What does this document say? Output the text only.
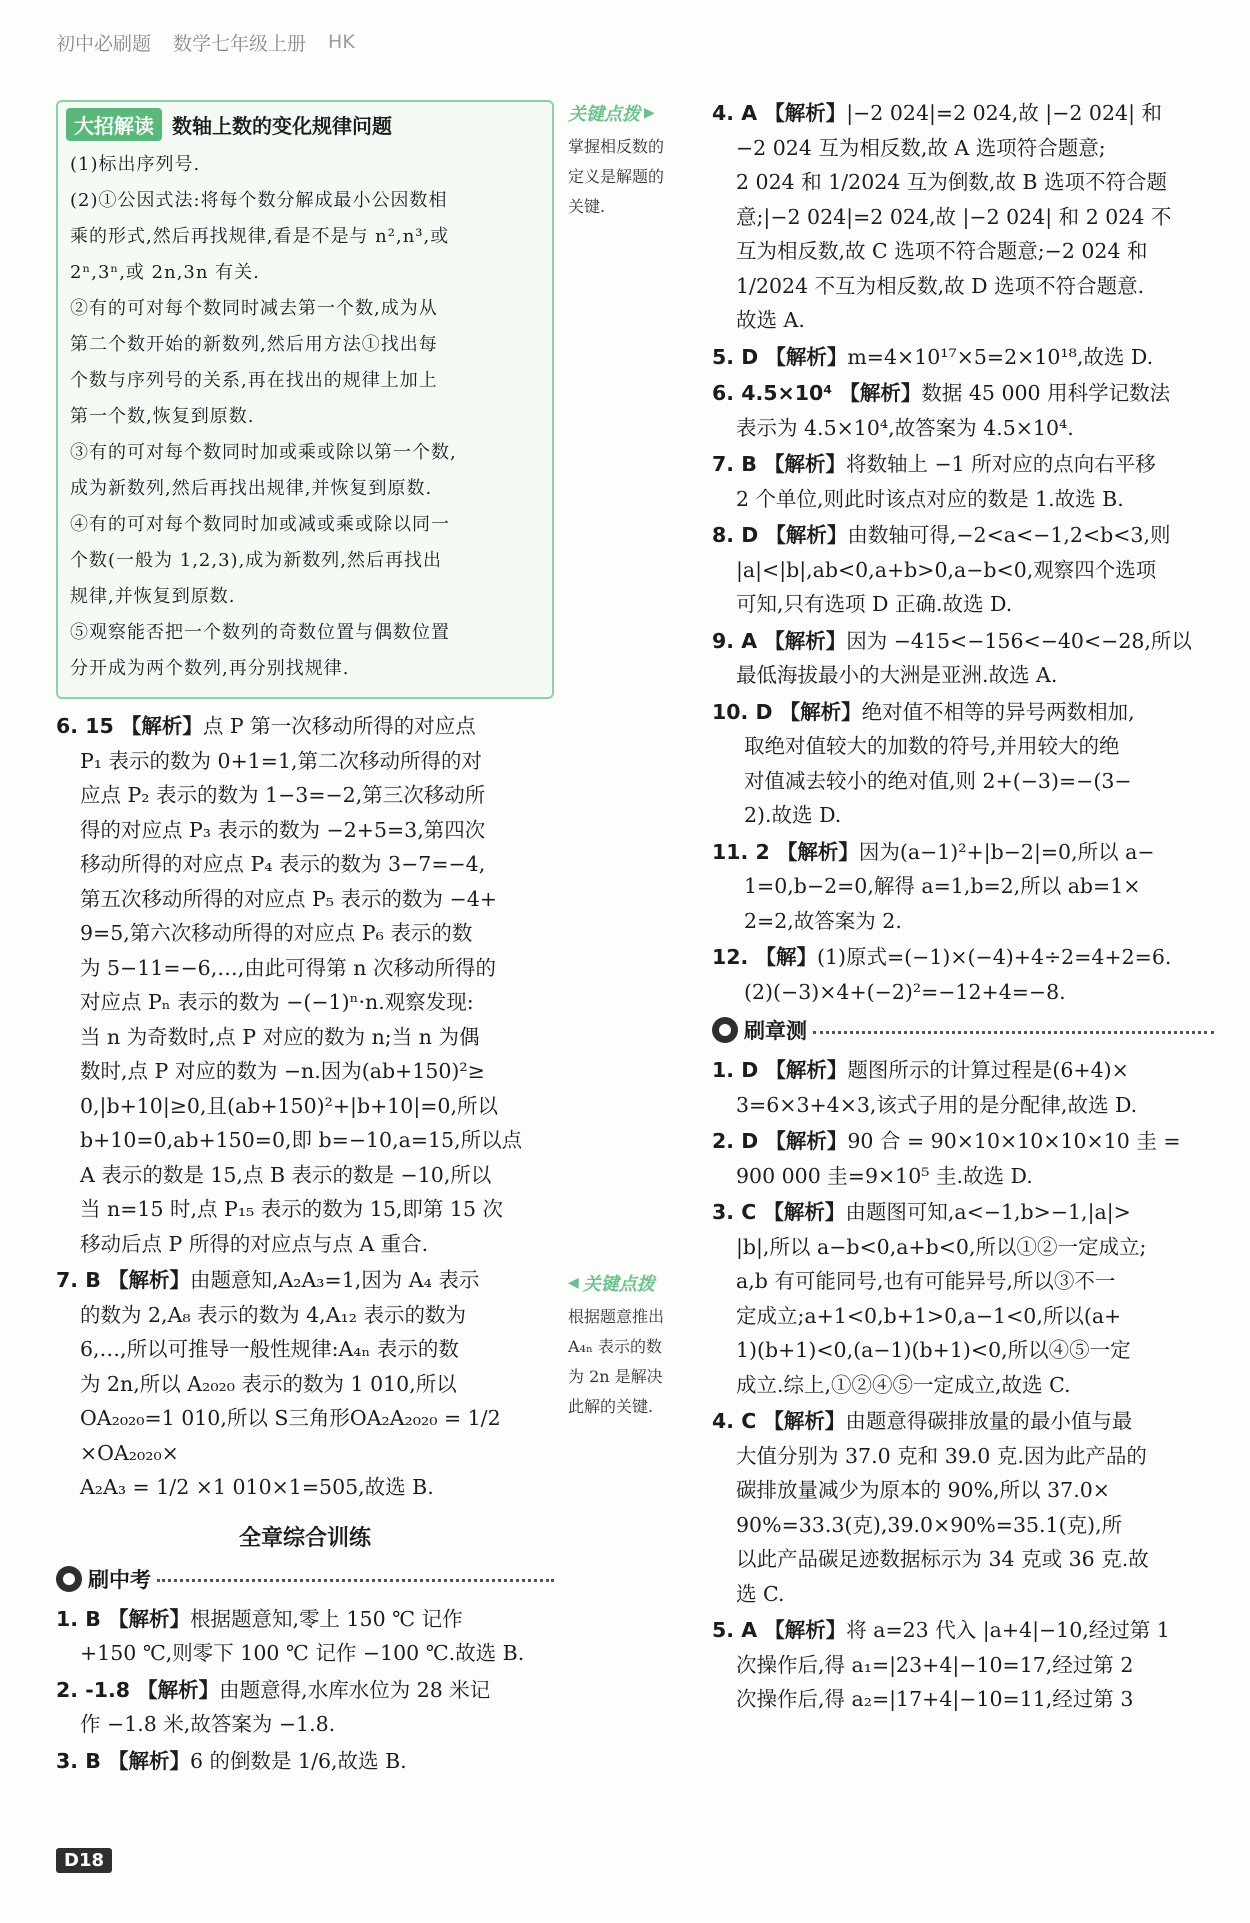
初中必刷题 数学七年级上册 HK
大招解读 数轴上数的变化规律问题
(1)标出序列号.
(2)①公因式法:将每个数分解成最小公因数相
乘的形式,然后再找规律,看是不是与 n²,n³,或
2ⁿ,3ⁿ,或 2n,3n 有关.
②有的可对每个数同时减去第一个数,成为从
第二个数开始的新数列,然后用方法①找出每
个数与序列号的关系,再在找出的规律上加上
第一个数,恢复到原数.
③有的可对每个数同时加或乘或除以第一个数,
成为新数列,然后再找出规律,并恢复到原数.
④有的可对每个数同时加或减或乘或除以同一
个数(一般为 1,2,3),成为新数列,然后再找出
规律,并恢复到原数.
⑤观察能否把一个数列的奇数位置与偶数位置
分开成为两个数列,再分别找规律.

6. 15 【解析】点 P 第一次移动所得的对应点

P₁ 表示的数为 0+1=1,第二次移动所得的对

应点 P₂ 表示的数为 1−3=−2,第三次移动所

得的对应点 P₃ 表示的数为 −2+5=3,第四次

移动所得的对应点 P₄ 表示的数为 3−7=−4,

第五次移动所得的对应点 P₅ 表示的数为 −4+

9=5,第六次移动所得的对应点 P₆ 表示的数

为 5−11=−6,…,由此可得第 n 次移动所得的

对应点 Pₙ 表示的数为 −(−1)ⁿ·n.观察发现:

当 n 为奇数时,点 P 对应的数为 n;当 n 为偶

数时,点 P 对应的数为 −n.因为(ab+150)²≥

0,|b+10|≥0,且(ab+150)²+|b+10|=0,所以

b+10=0,ab+150=0,即 b=−10,a=15,所以点

A 表示的数是 15,点 B 表示的数是 −10,所以

当 n=15 时,点 P₁₅ 表示的数为 15,即第 15 次

移动后点 P 所得的对应点与点 A 重合.

7. B 【解析】由题意知,A₂A₃=1,因为 A₄ 表示

的数为 2,A₈ 表示的数为 4,A₁₂ 表示的数为

6,…,所以可推导一般性规律:A₄ₙ 表示的数

为 2n,所以 A₂₀₂₀ 表示的数为 1 010,所以

OA₂₀₂₀=1 010,所以 S三角形OA₂A₂₀₂₀ = 1/2 ×OA₂₀₂₀×

A₂A₃ = 1/2 ×1 010×1=505,故选 B.

全章综合训练
刷中考

1. B 【解析】根据题意知,零上 150 ℃ 记作

+150 ℃,则零下 100 ℃ 记作 −100 ℃.故选 B.

2. -1.8 【解析】由题意得,水库水位为 28 米记

作 −1.8 米,故答案为 −1.8.

3. B 【解析】6 的倒数是 1/6,故选 B.

关键点拨 ▶
掌握相反数的
定义是解题的
关键.
◀ 关键点拨
根据题意推出
A₄ₙ 表示的数
为 2n 是解决
此解的关键.

4. A 【解析】|−2 024|=2 024,故 |−2 024| 和

−2 024 互为相反数,故 A 选项符合题意;

2 024 和 1/2024 互为倒数,故 B 选项不符合题

意;|−2 024|=2 024,故 |−2 024| 和 2 024 不

互为相反数,故 C 选项不符合题意;−2 024 和

1/2024 不互为相反数,故 D 选项不符合题意.

故选 A.

5. D 【解析】m=4×10¹⁷×5=2×10¹⁸,故选 D.

6. 4.5×10⁴ 【解析】数据 45 000 用科学记数法

表示为 4.5×10⁴,故答案为 4.5×10⁴.

7. B 【解析】将数轴上 −1 所对应的点向右平移

2 个单位,则此时该点对应的数是 1.故选 B.

8. D 【解析】由数轴可得,−2<a<−1,2<b<3,则

|a|<|b|,ab<0,a+b>0,a−b<0,观察四个选项

可知,只有选项 D 正确.故选 D.

9. A 【解析】因为 −415<−156<−40<−28,所以

最低海拔最小的大洲是亚洲.故选 A.

10. D 【解析】绝对值不相等的异号两数相加,

取绝对值较大的加数的符号,并用较大的绝

对值减去较小的绝对值,则 2+(−3)=−(3−

2).故选 D.

11. 2 【解析】因为(a−1)²+|b−2|=0,所以 a−

1=0,b−2=0,解得 a=1,b=2,所以 ab=1×

2=2,故答案为 2.

12. 【解】(1)原式=(−1)×(−4)+4÷2=4+2=6.

(2)(−3)×4+(−2)²=−12+4=−8.

刷章测

1. D 【解析】题图所示的计算过程是(6+4)×

3=6×3+4×3,该式子用的是分配律,故选 D.

2. D 【解析】90 合 = 90×10×10×10×10 圭 =

900 000 圭=9×10⁵ 圭.故选 D.

3. C 【解析】由题图可知,a<−1,b>−1,|a|>

|b|,所以 a−b<0,a+b<0,所以①②一定成立;

a,b 有可能同号,也有可能异号,所以③不一

定成立;a+1<0,b+1>0,a−1<0,所以(a+

1)(b+1)<0,(a−1)(b+1)<0,所以④⑤一定

成立.综上,①②④⑤一定成立,故选 C.

4. C 【解析】由题意得碳排放量的最小值与最

大值分别为 37.0 克和 39.0 克.因为此产品的

碳排放量减少为原本的 90%,所以 37.0×

90%=33.3(克),39.0×90%=35.1(克),所

以此产品碳足迹数据标示为 34 克或 36 克.故

选 C.

5. A 【解析】将 a=23 代入 |a+4|−10,经过第 1

次操作后,得 a₁=|23+4|−10=17,经过第 2

次操作后,得 a₂=|17+4|−10=11,经过第 3

D18
